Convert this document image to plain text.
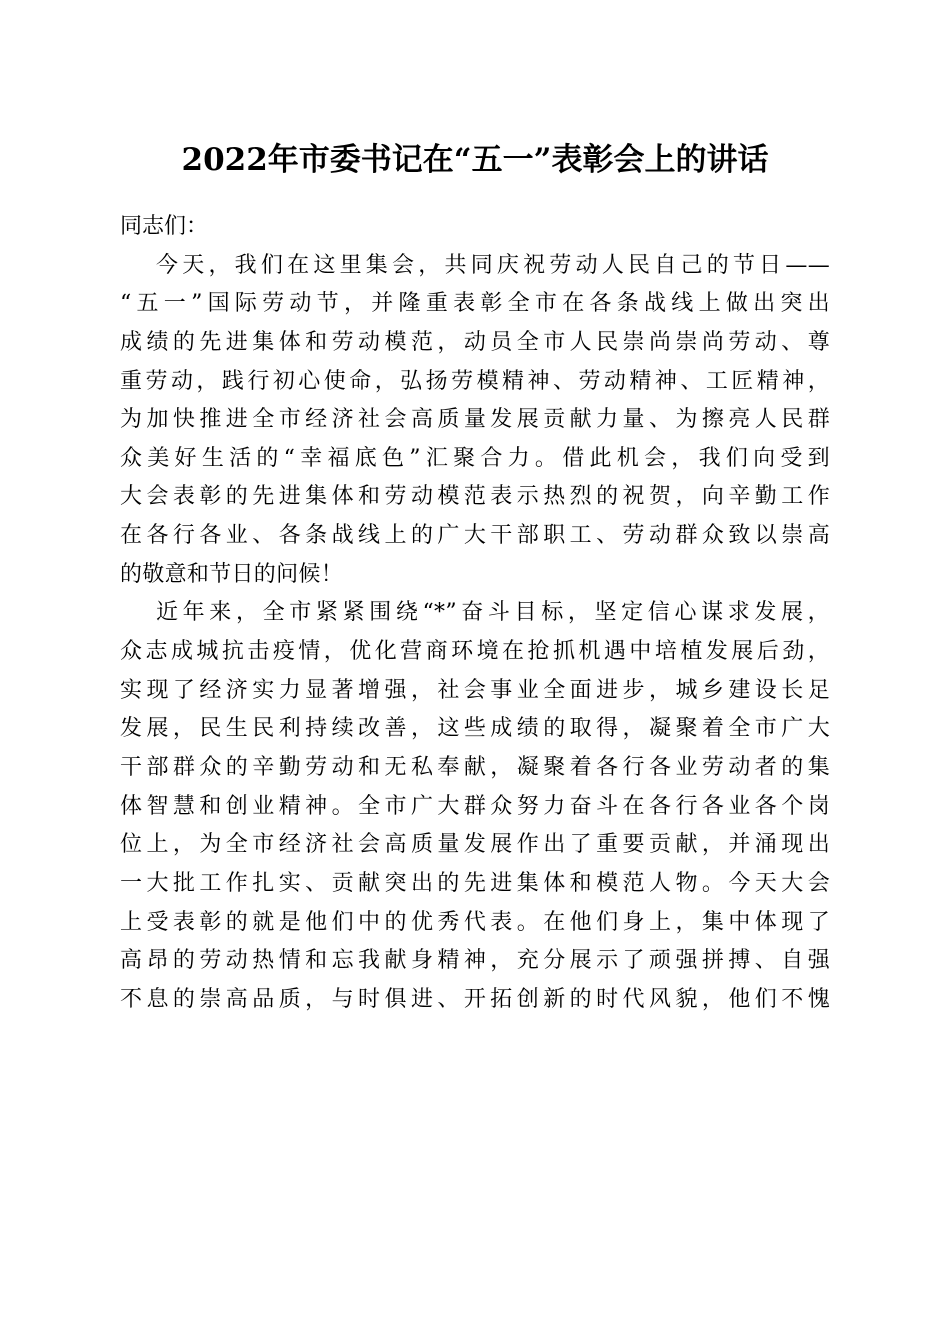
2022年市委书记在“五一”表彰会上的讲话
同志们：
今天，我们在这里集会，共同庆祝劳动人民自己的节日——
“五一”国际劳动节，并隆重表彰全市在各条战线上做出突出
成绩的先进集体和劳动模范，动员全市人民崇尚崇尚劳动、尊
重劳动，践行初心使命，弘扬劳模精神、劳动精神、工匠精神，
为加快推进全市经济社会高质量发展贡献力量、为擦亮人民群
众美好生活的“幸福底色”汇聚合力。借此机会，我们向受到
大会表彰的先进集体和劳动模范表示热烈的祝贺，向辛勤工作
在各行各业、各条战线上的广大干部职工、劳动群众致以崇高
的敬意和节日的问候！
近年来，全市紧紧围绕“*”奋斗目标，坚定信心谋求发展，
众志成城抗击疫情，优化营商环境在抢抓机遇中培植发展后劲，
实现了经济实力显著增强，社会事业全面进步，城乡建设长足
发展，民生民利持续改善，这些成绩的取得，凝聚着全市广大
干部群众的辛勤劳动和无私奉献，凝聚着各行各业劳动者的集
体智慧和创业精神。全市广大群众努力奋斗在各行各业各个岗
位上，为全市经济社会高质量发展作出了重要贡献，并涌现出
一大批工作扎实、贡献突出的先进集体和模范人物。今天大会
上受表彰的就是他们中的优秀代表。在他们身上，集中体现了
高昂的劳动热情和忘我献身精神，充分展示了顽强拼搏、自强
不息的崇高品质，与时俱进、开拓创新的时代风貌，他们不愧
